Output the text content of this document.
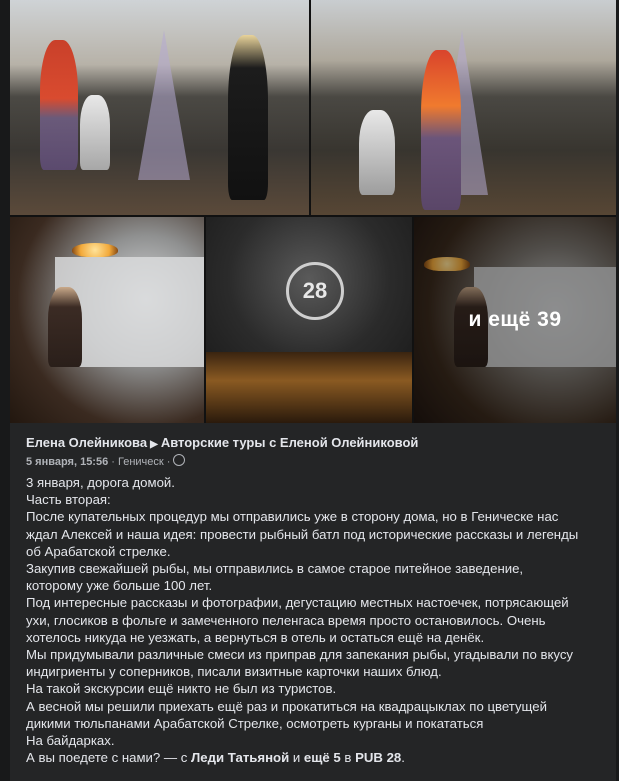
28
и ещё 39
Елена Олейникова ▶ Авторские туры с Еленой Олейниковой
5 января, 15:56 · Геническ ·
3 января, дорога домой.
Часть вторая:
После купательных процедур мы отправились уже в сторону дома, но в Геническе нас
ждал Алексей и наша идея: провести рыбный батл под исторические рассказы и легенды
об Арабатской стрелке.
Закупив свежайшей рыбы, мы отправились в самое старое питейное заведение,
которому уже больше 100 лет.
Под интересные рассказы и фотографии, дегустацию местных настоечек, потрясающей
ухи, глосиков в фольге и замеченного пеленгаса время просто остановилось. Очень
хотелось никуда не уезжать, а вернуться в отель и остаться ещё на денёк.
Мы придумывали различные смеси из приправ для запекания рыбы, угадывали по вкусу
индигриенты у соперников, писали визитные карточки наших блюд.
На такой экскурсии ещё никто не был из туристов.
А весной мы решили приехать ещё раз и прокатиться на квадрацыклах по цветущей
дикими тюльпанами Арабатской Стрелке, осмотреть курганы и покататься
На байдарках.
А вы поедете с нами? — с Леди Татьяной и ещё 5 в PUB 28.
